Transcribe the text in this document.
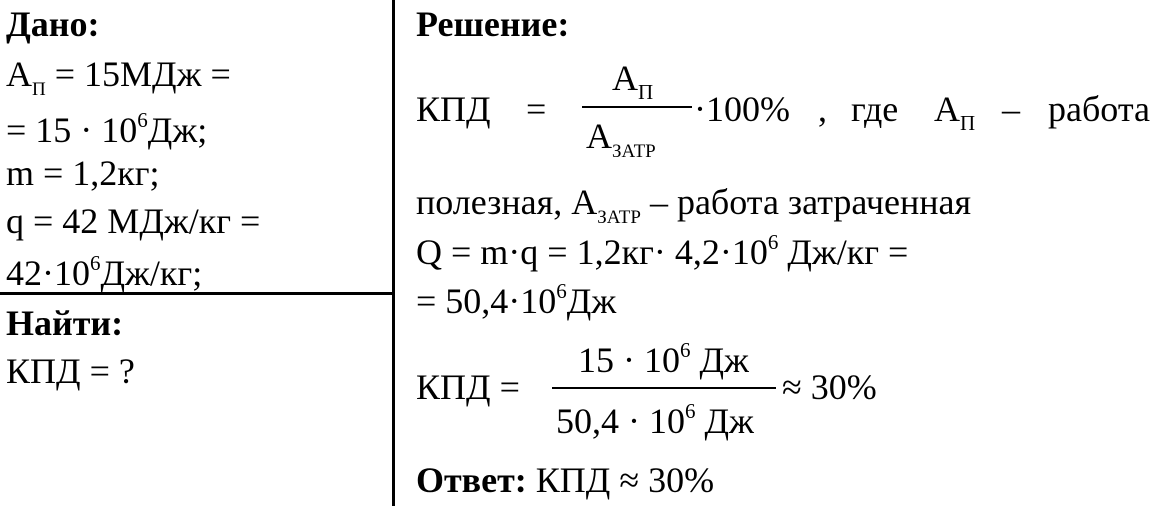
Дано:
$А_П = 15МДж$ =
= $15 \cdot 10^6Дж$;
m = 1,2кг;
q = 42 МДж/кг =
$42\cdot 10^6Дж/кг$;
Найти:
КПД = ?
Решение:
КПД =
$А_П$
$А_{ЗАТР}$
·100% , где $А_П$ – работа
полезная, $А_{ЗАТР}$ – работа затраченная
$Q = m\cdot q = 1,2кг\cdot 4,2\cdot 10^6$ Дж/кг =
= $50,4\cdot 10^6Дж$
КПД =
$15 \cdot 10^6$ Дж
$50,4 \cdot 10^6$ Дж
≈ 30%
Ответ: КПД ≈ 30%
